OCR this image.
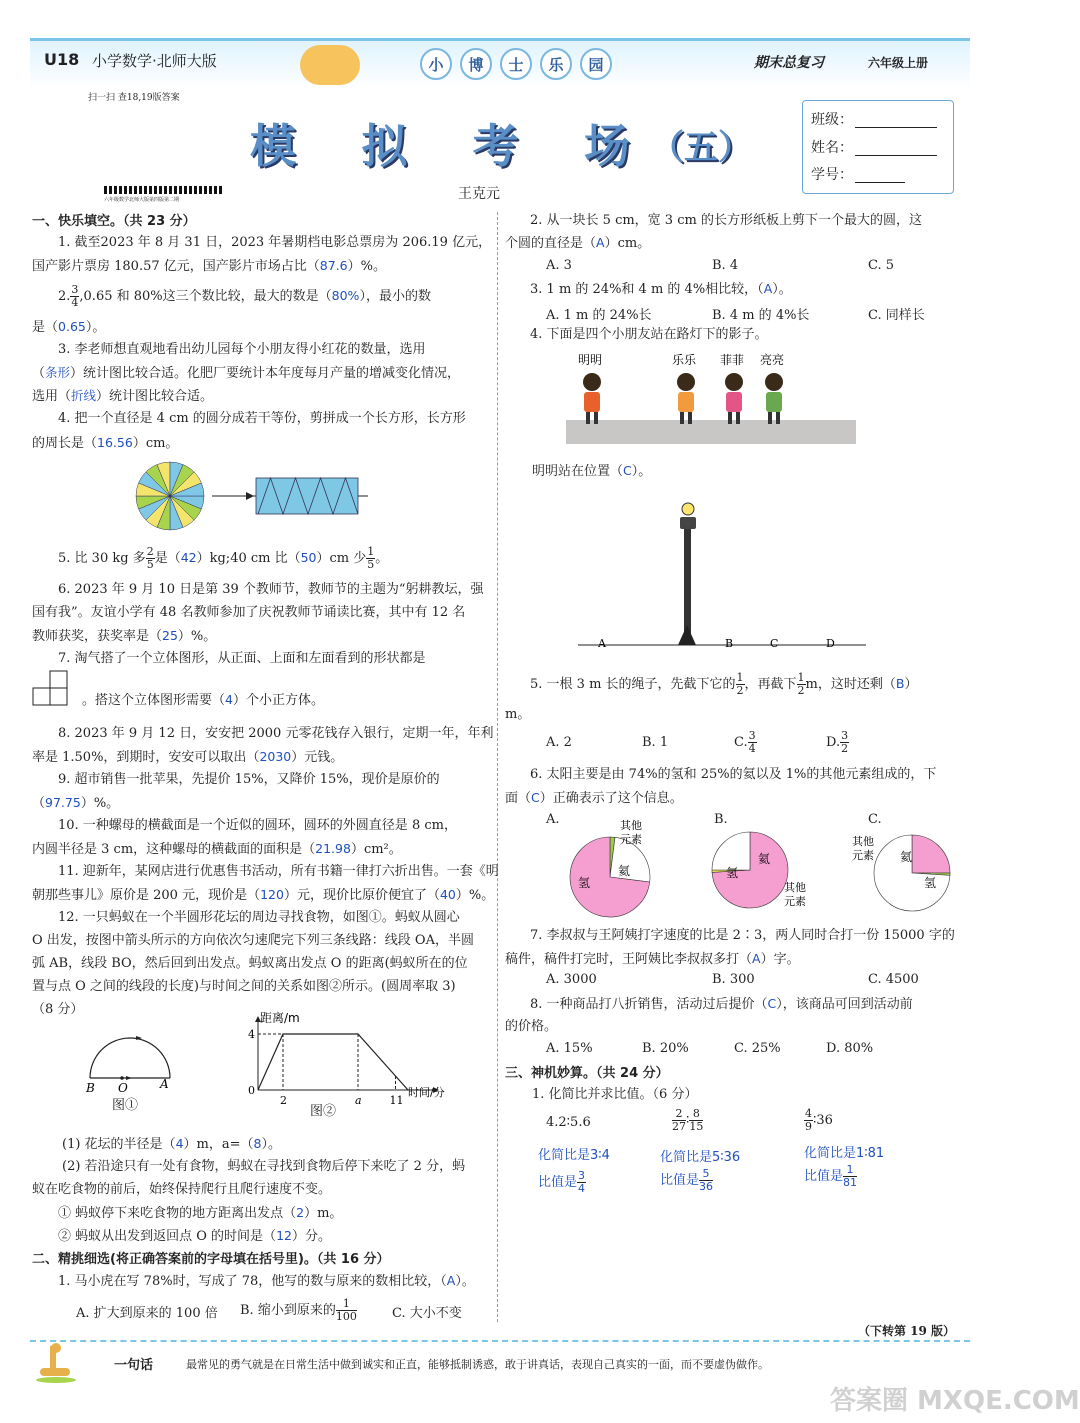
U18 小学数学·北师大版	小	博	士	乐	园	期末总复习	六年级上册
扫一扫 查18,19版答案
六年级数学北师大版第四版第二期
模 拟 考 场 （五）
王克元
班级：
姓名：
学号：
一、快乐填空。（共 23 分）
1. 截至2023 年 8 月 31 日，2023 年暑期档电影总票房为 206.19 亿元，
国产影片票房 180.57 亿元，国产影片市场占比（87.6）%。
2. $\frac{3}{4} ,0.65$ 和 80%这三个数比较，最大的数是（80%），最小的数
是（0.65）。
3. 李老师想直观地看出幼儿园每个小朋友得小红花的数量，选用
（条形）统计图比较合适。化肥厂要统计本年度每月产量的增减变化情况，
选用（折线）统计图比较合适。
4. 把一个直径是 4 cm 的圆分成若干等份，剪拼成一个长方形，长方形
的周长是（16.56）cm。
5. 比 30 kg 多 $\frac{2}{5}$ 是（42）kg;40 cm 比（50）cm 少 $\frac{1}{5}$ 。
6. 2023 年 9 月 10 日是第 39 个教师节，教师节的主题为“躬耕教坛，强
国有我”。友谊小学有 48 名教师参加了庆祝教师节诵读比赛，其中有 12 名
教师获奖，获奖率是（25）%。
7. 淘气搭了一个立体图形，从正面、上面和左面看到的形状都是
。搭这个立体图形需要（4）个小正方体。
8. 2023 年 9 月 12 日，安安把 2000 元零花钱存入银行，定期一年，年利
率是 1.50%，到期时，安安可以取出（2030）元钱。
9. 超市销售一批苹果，先提价 15%，又降价 15%，现价是原价的
（97.75）%。
10. 一种螺母的横截面是一个近似的圆环，圆环的外圆直径是 8 cm，
内圆半径是 3 cm，这种螺母的横截面的面积是（21.98）cm²。
11. 迎新年，某网店进行优惠售书活动，所有书籍一律打六折出售。一套《明
朝那些事儿》原价是 200 元，现价是（120）元，现价比原价便宜了（40）%。
12. 一只蚂蚁在一个半圆形花坛的周边寻找食物，如图①。蚂蚁从圆心
O 出发，按图中箭头所示的方向依次匀速爬完下列三条线路：线段 OA，半圆
弧 AB，线段 BO，然后回到出发点。蚂蚁离出发点 O 的距离(蚂蚁所在的位
置与点 O 之间的线段的长度)与时间之间的关系如图②所示。(圆周率取 3)
（8 分）
B O	A
图①
距离/m
时间/分
4
0
2	a	11
图②
(1) 花坛的半径是（4）m，a=（8）。
(2) 若沿途只有一处有食物，蚂蚁在寻找到食物后停下来吃了 2 分，蚂
蚁在吃食物的前后，始终保持爬行且爬行速度不变。
① 蚂蚁停下来吃食物的地方距离出发点（2）m。
② 蚂蚁从出发到返回点 O 的时间是（12）分。
二、精挑细选(将正确答案前的字母填在括号里)。（共 16 分）
1. 马小虎在写 78%时，写成了 78，他写的数与原来的数相比较，（A）。
A. 扩大到原来的 100 倍 B. 缩小到原来的 $\frac{1}{100}$	C. 大小不变
2. 从一块长 5 cm，宽 3 cm 的长方形纸板上剪下一个最大的圆，这
个圆的直径是（A）cm。
A. 3	B. 4	C. 5
3. 1 m 的 24%和 4 m 的 4%相比较，（A）。
A. 1 m 的 24%长	B. 4 m 的 4%长	C. 同样长
4. 下面是四个小朋友站在路灯下的影子。
明明	乐乐 菲菲 亮亮
明明站在位置（C）。
A	B	C	D
5. 一根 3 m 长的绳子，先截下它的 $\frac{1}{2}$ ，再截下 $\frac{1}{2}$ m，这时还剩（B）
m。
A. 2	B. 1	C. $\frac{3}{4}$	D. $\frac{3}{2}$
6. 太阳主要是由 74%的氢和 25%的氦以及 1%的其他元素组成的，下
面（C）正确表示了这个信息。
A.	B.	C.
其他
元素
氦
氢
氦
氢
其他
元素
氦
氢
其他
元素
7. 李叔叔与王阿姨打字速度的比是 2∶3，两人同时合打一份 15000 字的
稿件，稿件打完时，王阿姨比李叔叔多打（A）字。
A. 3000	B. 300	C. 4500
8. 一种商品打八折销售，活动过后提价（C），该商品可回到活动前
的价格。
A. 15%	B. 20%	C. 25%	D. 80%
三、神机妙算。（共 24 分）
1. 化简比并求比值。（6 分）
4.2∶5.6	$\frac{2}{27}$ ∶ $\frac{8}{15}$	$\frac{4}{9}$ ∶36
化简比是3∶4	化简比是5∶36	化简比是1∶81
比值是 $\frac{3}{4}$	比值是 $\frac{5}{36}$	比值是 $\frac{1}{81}$
（下转第 19 版）
一句话	最常见的勇气就是在日常生活中做到诚实和正直，能够抵制诱惑，敢于讲真话，表现自己真实的一面，而不要虚伪做作。
答案圈 MXQE.COM
